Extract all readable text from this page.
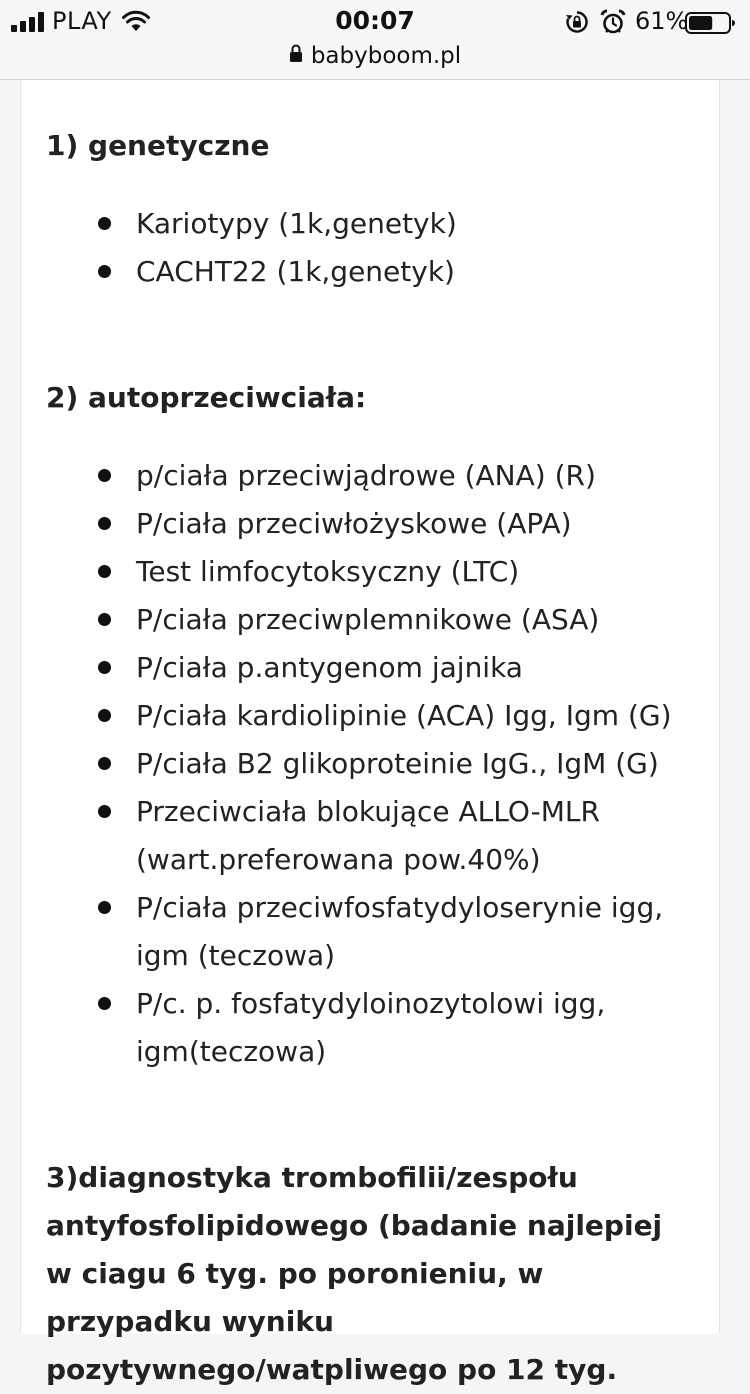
PLAY	00:07	61%
babyboom.pl

1) genetyczne

Kariotypy (1k,genetyk)
CACHT22 (1k,genetyk)

2) autoprzeciwciała:

p/ciała przeciwjądrowe (ANA) (R)
P/ciała przeciwłożyskowe (APA)
Test limfocytoksyczny (LTC)
P/ciała przeciwplemnikowe (ASA)
P/ciała p.antygenom jajnika
P/ciała kardiolipinie (ACA) Igg, Igm (G)
P/ciała B2 glikoproteinie IgG., IgM (G)
Przeciwciała blokujące ALLO-MLR (wart.preferowana pow.40%)
P/ciała przeciwfosfatydyloserynie igg, igm (teczowa)
P/c. p. fosfatydyloinozytolowi igg, igm(teczowa)

3)diagnostyka trombofilii/zespołu antyfosfolipidowego (badanie najlepiej w ciagu 6 tyg. po poronieniu, w przypadku wyniku pozytywnego/watpliwego po 12 tyg.
